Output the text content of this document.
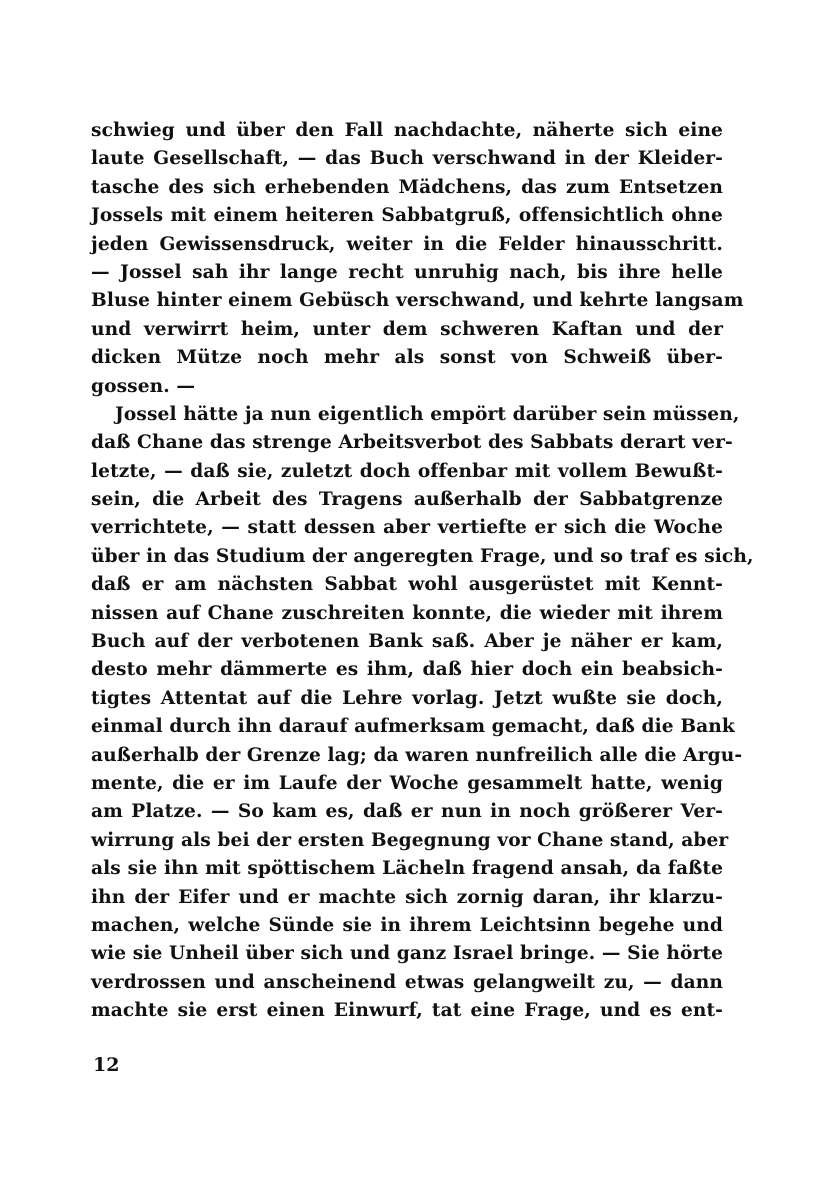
schwieg und über den Fall nachdachte, näherte sich eine
laute Gesellschaft, — das Buch verschwand in der Kleider-
tasche des sich erhebenden Mädchens, das zum Entsetzen
Jossels mit einem heiteren Sabbatgruß, offensichtlich ohne
jeden Gewissensdruck, weiter in die Felder hinausschritt.
— Jossel sah ihr lange recht unruhig nach, bis ihre helle
Bluse hinter einem Gebüsch verschwand, und kehrte langsam
und verwirrt heim, unter dem schweren Kaftan und der
dicken Mütze noch mehr als sonst von Schweiß über-
gossen. —
Jossel hätte ja nun eigentlich empört darüber sein müssen,
daß Chane das strenge Arbeitsverbot des Sabbats derart ver-
letzte, — daß sie, zuletzt doch offenbar mit vollem Bewußt-
sein, die Arbeit des Tragens außerhalb der Sabbatgrenze
verrichtete, — statt dessen aber vertiefte er sich die Woche
über in das Studium der angeregten Frage, und so traf es sich,
daß er am nächsten Sabbat wohl ausgerüstet mit Kennt-
nissen auf Chane zuschreiten konnte, die wieder mit ihrem
Buch auf der verbotenen Bank saß. Aber je näher er kam,
desto mehr dämmerte es ihm, daß hier doch ein beabsich-
tigtes Attentat auf die Lehre vorlag. Jetzt wußte sie doch,
einmal durch ihn darauf aufmerksam gemacht, daß die Bank
außerhalb der Grenze lag; da waren nunfreilich alle die Argu-
mente, die er im Laufe der Woche gesammelt hatte, wenig
am Platze. — So kam es, daß er nun in noch größerer Ver-
wirrung als bei der ersten Begegnung vor Chane stand, aber
als sie ihn mit spöttischem Lächeln fragend ansah, da faßte
ihn der Eifer und er machte sich zornig daran, ihr klarzu-
machen, welche Sünde sie in ihrem Leichtsinn begehe und
wie sie Unheil über sich und ganz Israel bringe. — Sie hörte
verdrossen und anscheinend etwas gelangweilt zu, — dann
machte sie erst einen Einwurf, tat eine Frage, und es ent-
12
